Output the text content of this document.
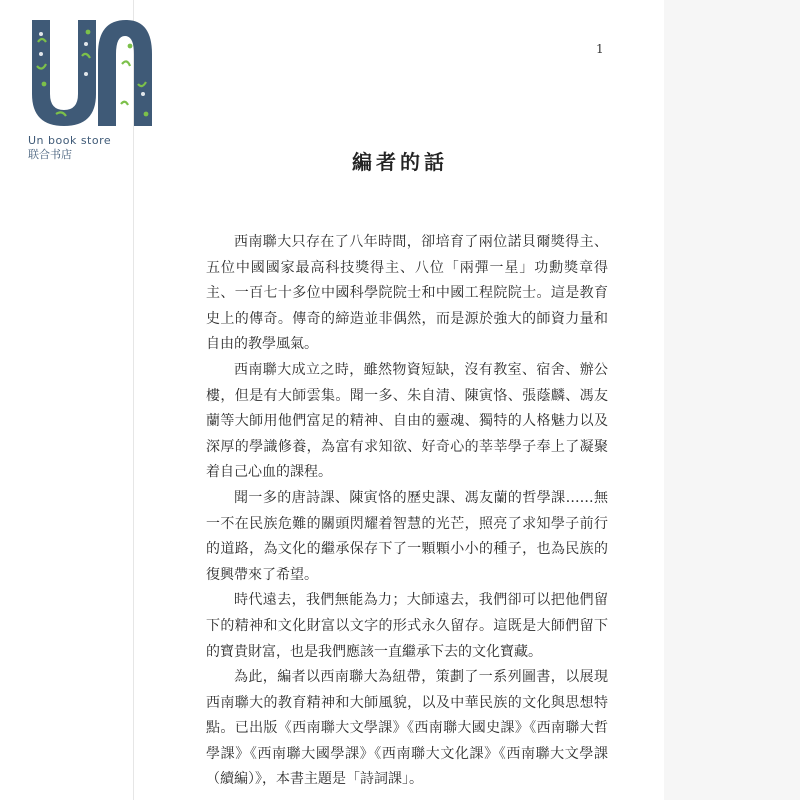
Un book store
联合书店
1
編者的話

西南聯大只存在了八年時間，卻培育了兩位諾貝爾獎得主、五位中國國家最高科技獎得主、八位「兩彈一星」功勳獎章得主、一百七十多位中國科學院院士和中國工程院院士。這是教育史上的傳奇。傳奇的締造並非偶然，而是源於強大的師資力量和自由的教學風氣。

西南聯大成立之時，雖然物資短缺，沒有教室、宿舍、辦公樓，但是有大師雲集。聞一多、朱自清、陳寅恪、張蔭麟、馮友蘭等大師用他們富足的精神、自由的靈魂、獨特的人格魅力以及深厚的學識修養，為富有求知欲、好奇心的莘莘學子奉上了凝聚着自己心血的課程。

聞一多的唐詩課、陳寅恪的歷史課、馮友蘭的哲學課……無一不在民族危難的關頭閃耀着智慧的光芒，照亮了求知學子前行的道路，為文化的繼承保存下了一顆顆小小的種子，也為民族的復興帶來了希望。

時代遠去，我們無能為力；大師遠去，我們卻可以把他們留下的精神和文化財富以文字的形式永久留存。這既是大師們留下的寶貴財富，也是我們應該一直繼承下去的文化寶藏。

為此，編者以西南聯大為紐帶，策劃了一系列圖書，以展現西南聯大的教育精神和大師風貌，以及中華民族的文化與思想特點。已出版《西南聯大文學課》《西南聯大國史課》《西南聯大哲學課》《西南聯大國學課》《西南聯大文化課》《西南聯大文學課（續編）》，本書主題是「詩詞課」。
